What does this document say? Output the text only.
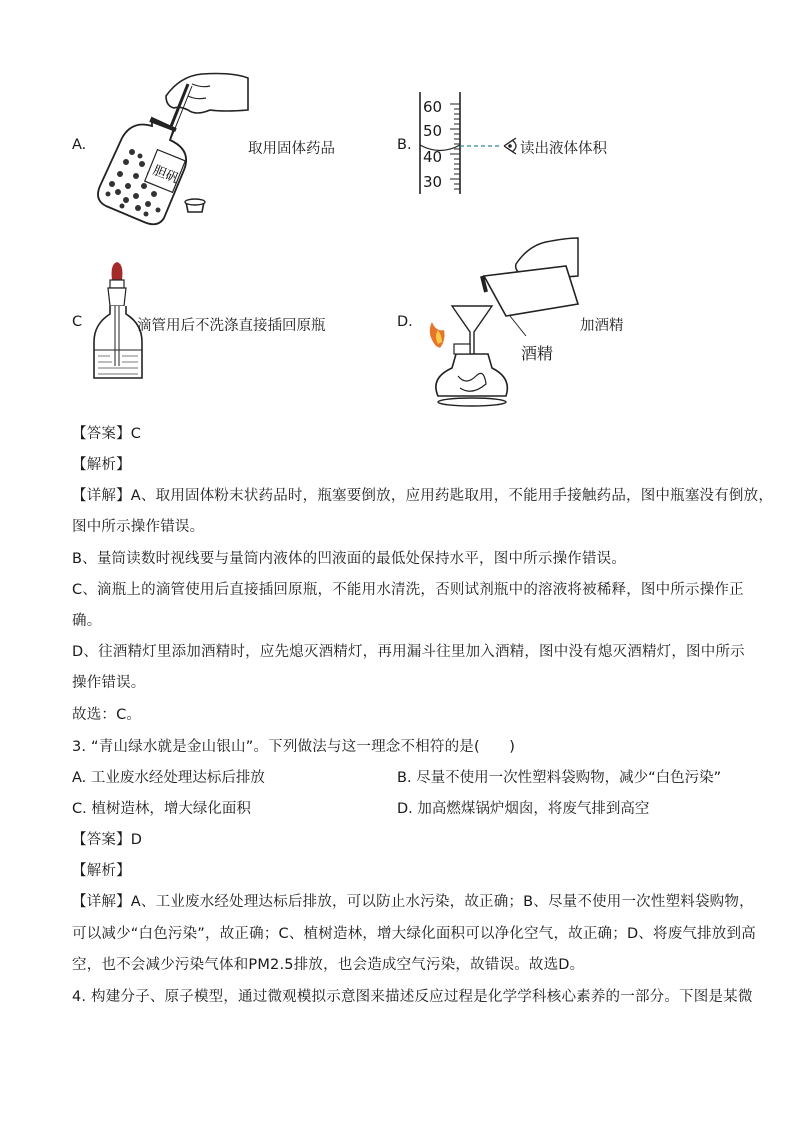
A.
胆矾
取用固体药品	B.
60
50
40
30
读出液体体积
C	滴管用后不洗涤直接插回原瓶	D.
酒精
加酒精
【答案】C
【解析】
【详解】A、取用固体粉末状药品时，瓶塞要倒放，应用药匙取用，不能用手接触药品，图中瓶塞没有倒放，
图中所示操作错误。
B、量筒读数时视线要与量筒内液体的凹液面的最低处保持水平，图中所示操作错误。
C、滴瓶上的滴管使用后直接插回原瓶，不能用水清洗，否则试剂瓶中的溶液将被稀释，图中所示操作正
确。
D、往酒精灯里添加酒精时，应先熄灭酒精灯，再用漏斗往里加入酒精，图中没有熄灭酒精灯，图中所示
操作错误。
故选：C。
3. “青山绿水就是金山银山”。下列做法与这一理念不相符的是(　　)
A. 工业废水经处理达标后排放	B. 尽量不使用一次性塑料袋购物，减少“白色污染”
C. 植树造林，增大绿化面积	D. 加高燃煤锅炉烟囱，将废气排到高空
【答案】D
【解析】
【详解】A、工业废水经处理达标后排放，可以防止水污染，故正确；B、尽量不使用一次性塑料袋购物，
可以减少“白色污染”，故正确；C、植树造林，增大绿化面积可以净化空气，故正确；D、将废气排放到高
空，也不会减少污染气体和PM2.5排放，也会造成空气污染，故错误。故选D。
4. 构建分子、原子模型，通过微观模拟示意图来描述反应过程是化学学科核心素养的一部分。下图是某微
